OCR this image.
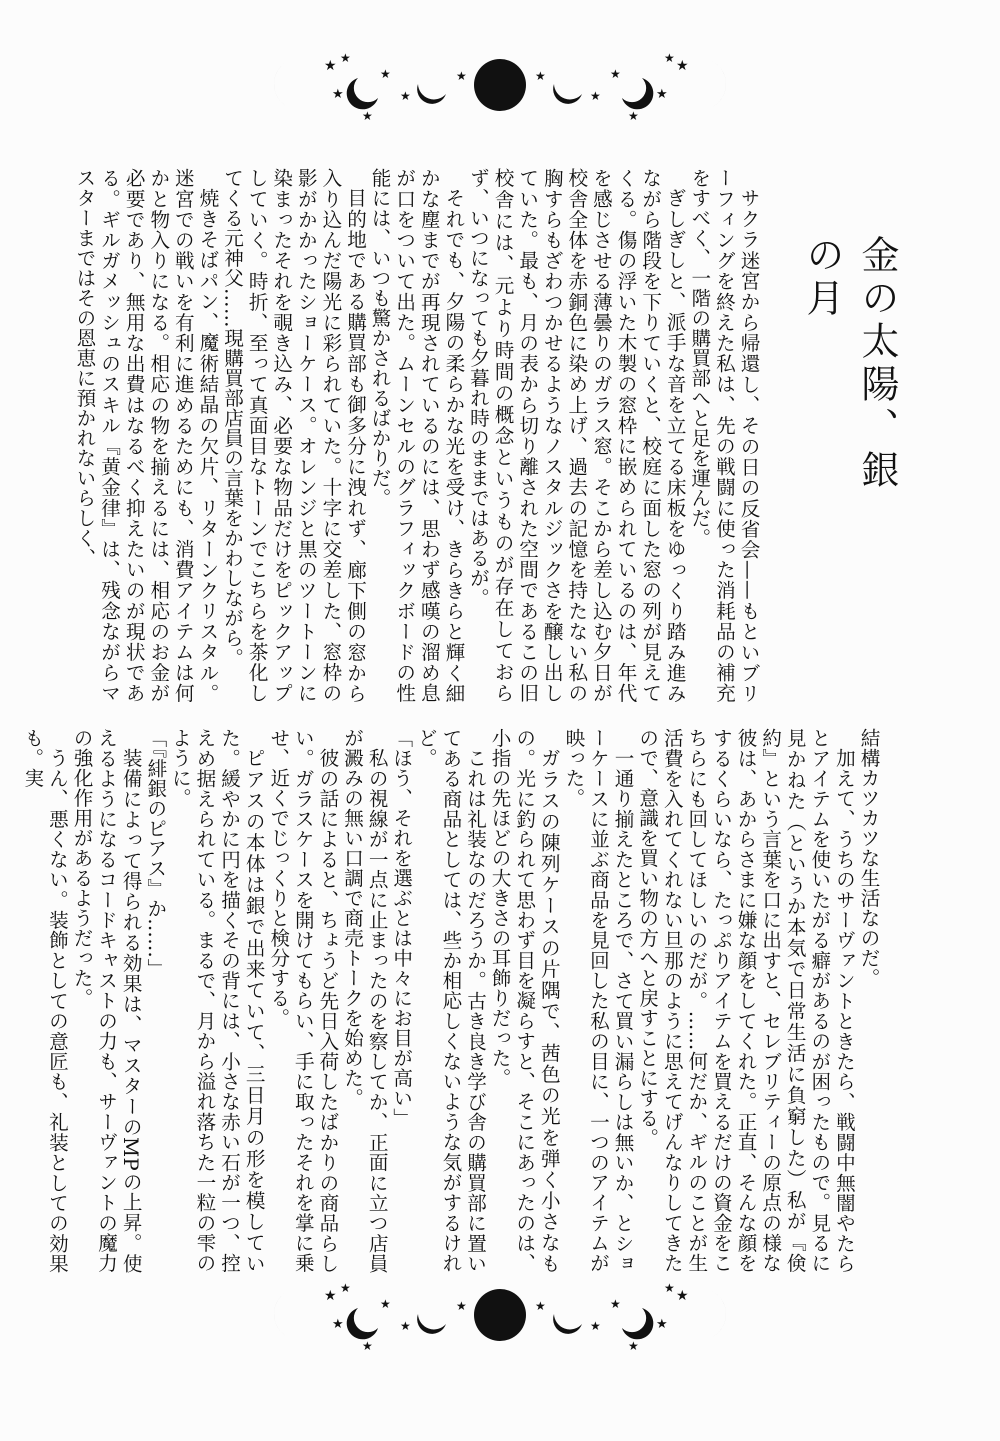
★ ★
★
★
★
★
★	★
★
★
★
★
★ ★
金の太陽、銀の月

サクラ迷宮から帰還し、その日の反省会——もといブリーフィングを終えた私は、先の戦闘に使った消耗品の補充をすべく、一階の購買部へと足を運んだ。

ぎしぎしと、派手な音を立てる床板をゆっくり踏み進みながら階段を下りていくと、校庭に面した窓の列が見えてくる。傷の浮いた木製の窓枠に嵌められているのは、年代を感じさせる薄曇りのガラス窓。そこから差し込む夕日が校舎全体を赤銅色に染め上げ、過去の記憶を持たない私の胸すらもざわつかせるようなノスタルジックさを醸し出していた。最も、月の表から切り離された空間であるこの旧校舎には、元より時間の概念というものが存在しておらず、いつになっても夕暮れ時のままではあるが。

それでも、夕陽の柔らかな光を受け、きらきらと輝く細かな塵までが再現されているのには、思わず感嘆の溜め息が口をついて出た。ムーンセルのグラフィックボードの性能には、いつも驚かされるばかりだ。

目的地である購買部も御多分に洩れず、廊下側の窓から入り込んだ陽光に彩られていた。十字に交差した、窓枠の影がかかったショーケース。オレンジと黒のツートーンに染まったそれを覗き込み、必要な物品だけをピックアップしていく。時折、至って真面目なトーンでこちらを茶化してくる元神父……現購買部店員の言葉をかわしながら。

焼きそばパン、魔術結晶の欠片、リターンクリスタル。迷宮での戦いを有利に進めるためにも、消費アイテムは何かと物入りになる。相応の物を揃えるには、相応のお金が必要であり、無用な出費はなるべく抑えたいのが現状である。ギルガメッシュのスキル『黄金律』は、残念ながらマスターまではその恩恵に預かれないらしく、

結構カツカツな生活なのだ。

加えて、うちのサーヴァントときたら、戦闘中無闇やたらとアイテムを使いたがる癖があるのが困ったもので。見るに見かねた（というか本気で日常生活に負窮した）私が『倹約』という言葉を口に出すと、セレブリティーの原点の様な彼は、あからさまに嫌な顔をしてくれた。正直、そんな顔をするくらいなら、たっぷりアイテムを買えるだけの資金をこちらにも回してほしいのだが。……何だか、ギルのことが生活費を入れてくれない旦那のように思えてげんなりしてきたので、意識を買い物の方へと戻すことにする。

一通り揃えたところで、さて買い漏らしは無いか、とショーケースに並ぶ商品を見回した私の目に、一つのアイテムが映った。

ガラスの陳列ケースの片隅で、茜色の光を弾く小さなもの。光に釣られて思わず目を凝らすと、そこにあったのは、小指の先ほどの大きさの耳飾りだった。

これは礼装なのだろうか。古き良き学び舎の購買部に置いてある商品としては、些か相応しくないような気がするけれど。

「ほう、それを選ぶとは中々にお目が高い」

私の視線が一点に止まったのを察してか、正面に立つ店員が澱みの無い口調で商売トークを始めた。

彼の話によると、ちょうど先日入荷したばかりの商品らしい。ガラスケースを開けてもらい、手に取ったそれを掌に乗せ、近くでじっくりと検分する。

ピアスの本体は銀で出来ていて、三日月の形を模していた。緩やかに円を描くその背には、小さな赤い石が一つ、控えめ据えられている。まるで、月から溢れ落ちた一粒の雫のように。

「『緋銀のピアス』か……」

装備によって得られる効果は、マスターのMPの上昇。使えるようになるコードキャストの力も、サーヴァントの魔力の強化作用があるようだった。

うん、悪くない。装飾としての意匠も、礼装としての効果も。実

★ ★
★
★
★
★
★	★
★
★
★
★
★ ★
